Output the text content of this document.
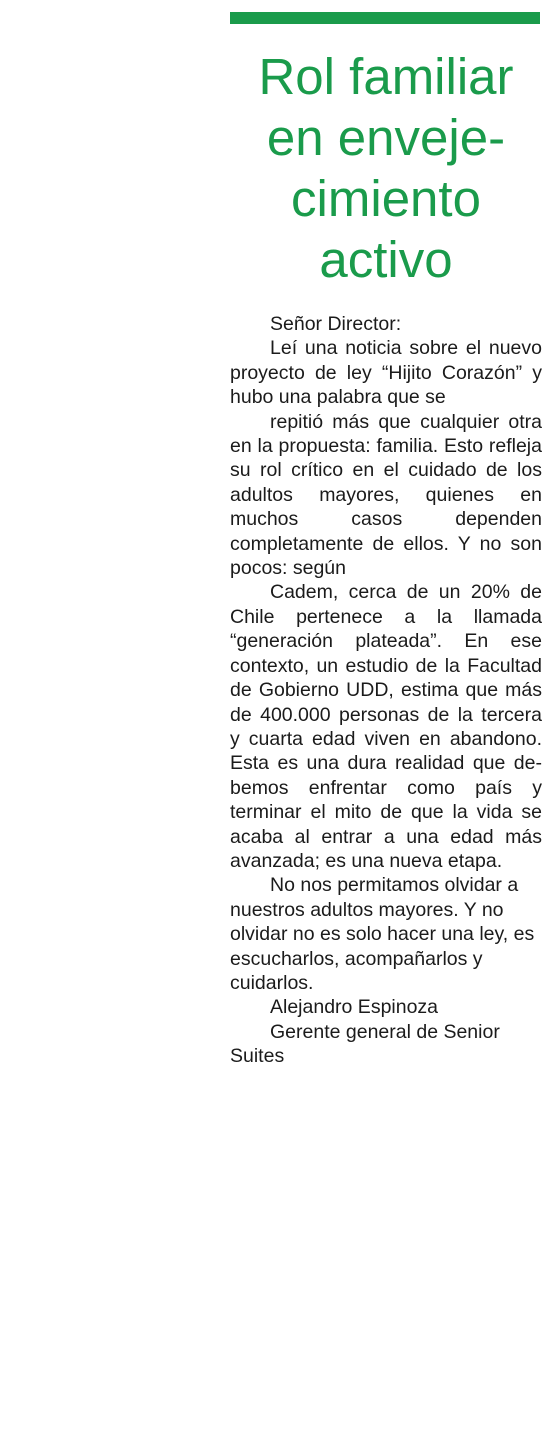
Rol familiar
en enveje-
cimiento
activo

Señor Director:

Leí una noticia sobre el nuevo proyecto de ley “Hijito Corazón” y hubo una palabra que se

repitió más que cualquier otra en la propuesta: familia. Esto refleja su rol crítico en el cuidado de los adultos mayores, quienes en muchos casos dependen completamente de ellos. Y no son pocos: según

Cadem, cerca de un 20% de Chile pertenece a la llamada “generación plateada”. En ese contexto, un estudio de la Facultad de Gobierno UDD, estima que más de 400.000 personas de la tercera y cuarta edad viven en abandono. Esta es una dura realidad que debemos enfrentar como país y terminar el mito de que la vida se acaba al entrar a una edad más avanzada; es una nueva etapa.

No nos permitamos olvidar a nuestros adultos mayores. Y no olvidar no es solo hacer una ley, es escucharlos, acompañarlos y cuidarlos.

Alejandro Espinoza

Gerente general de Senior Suites
